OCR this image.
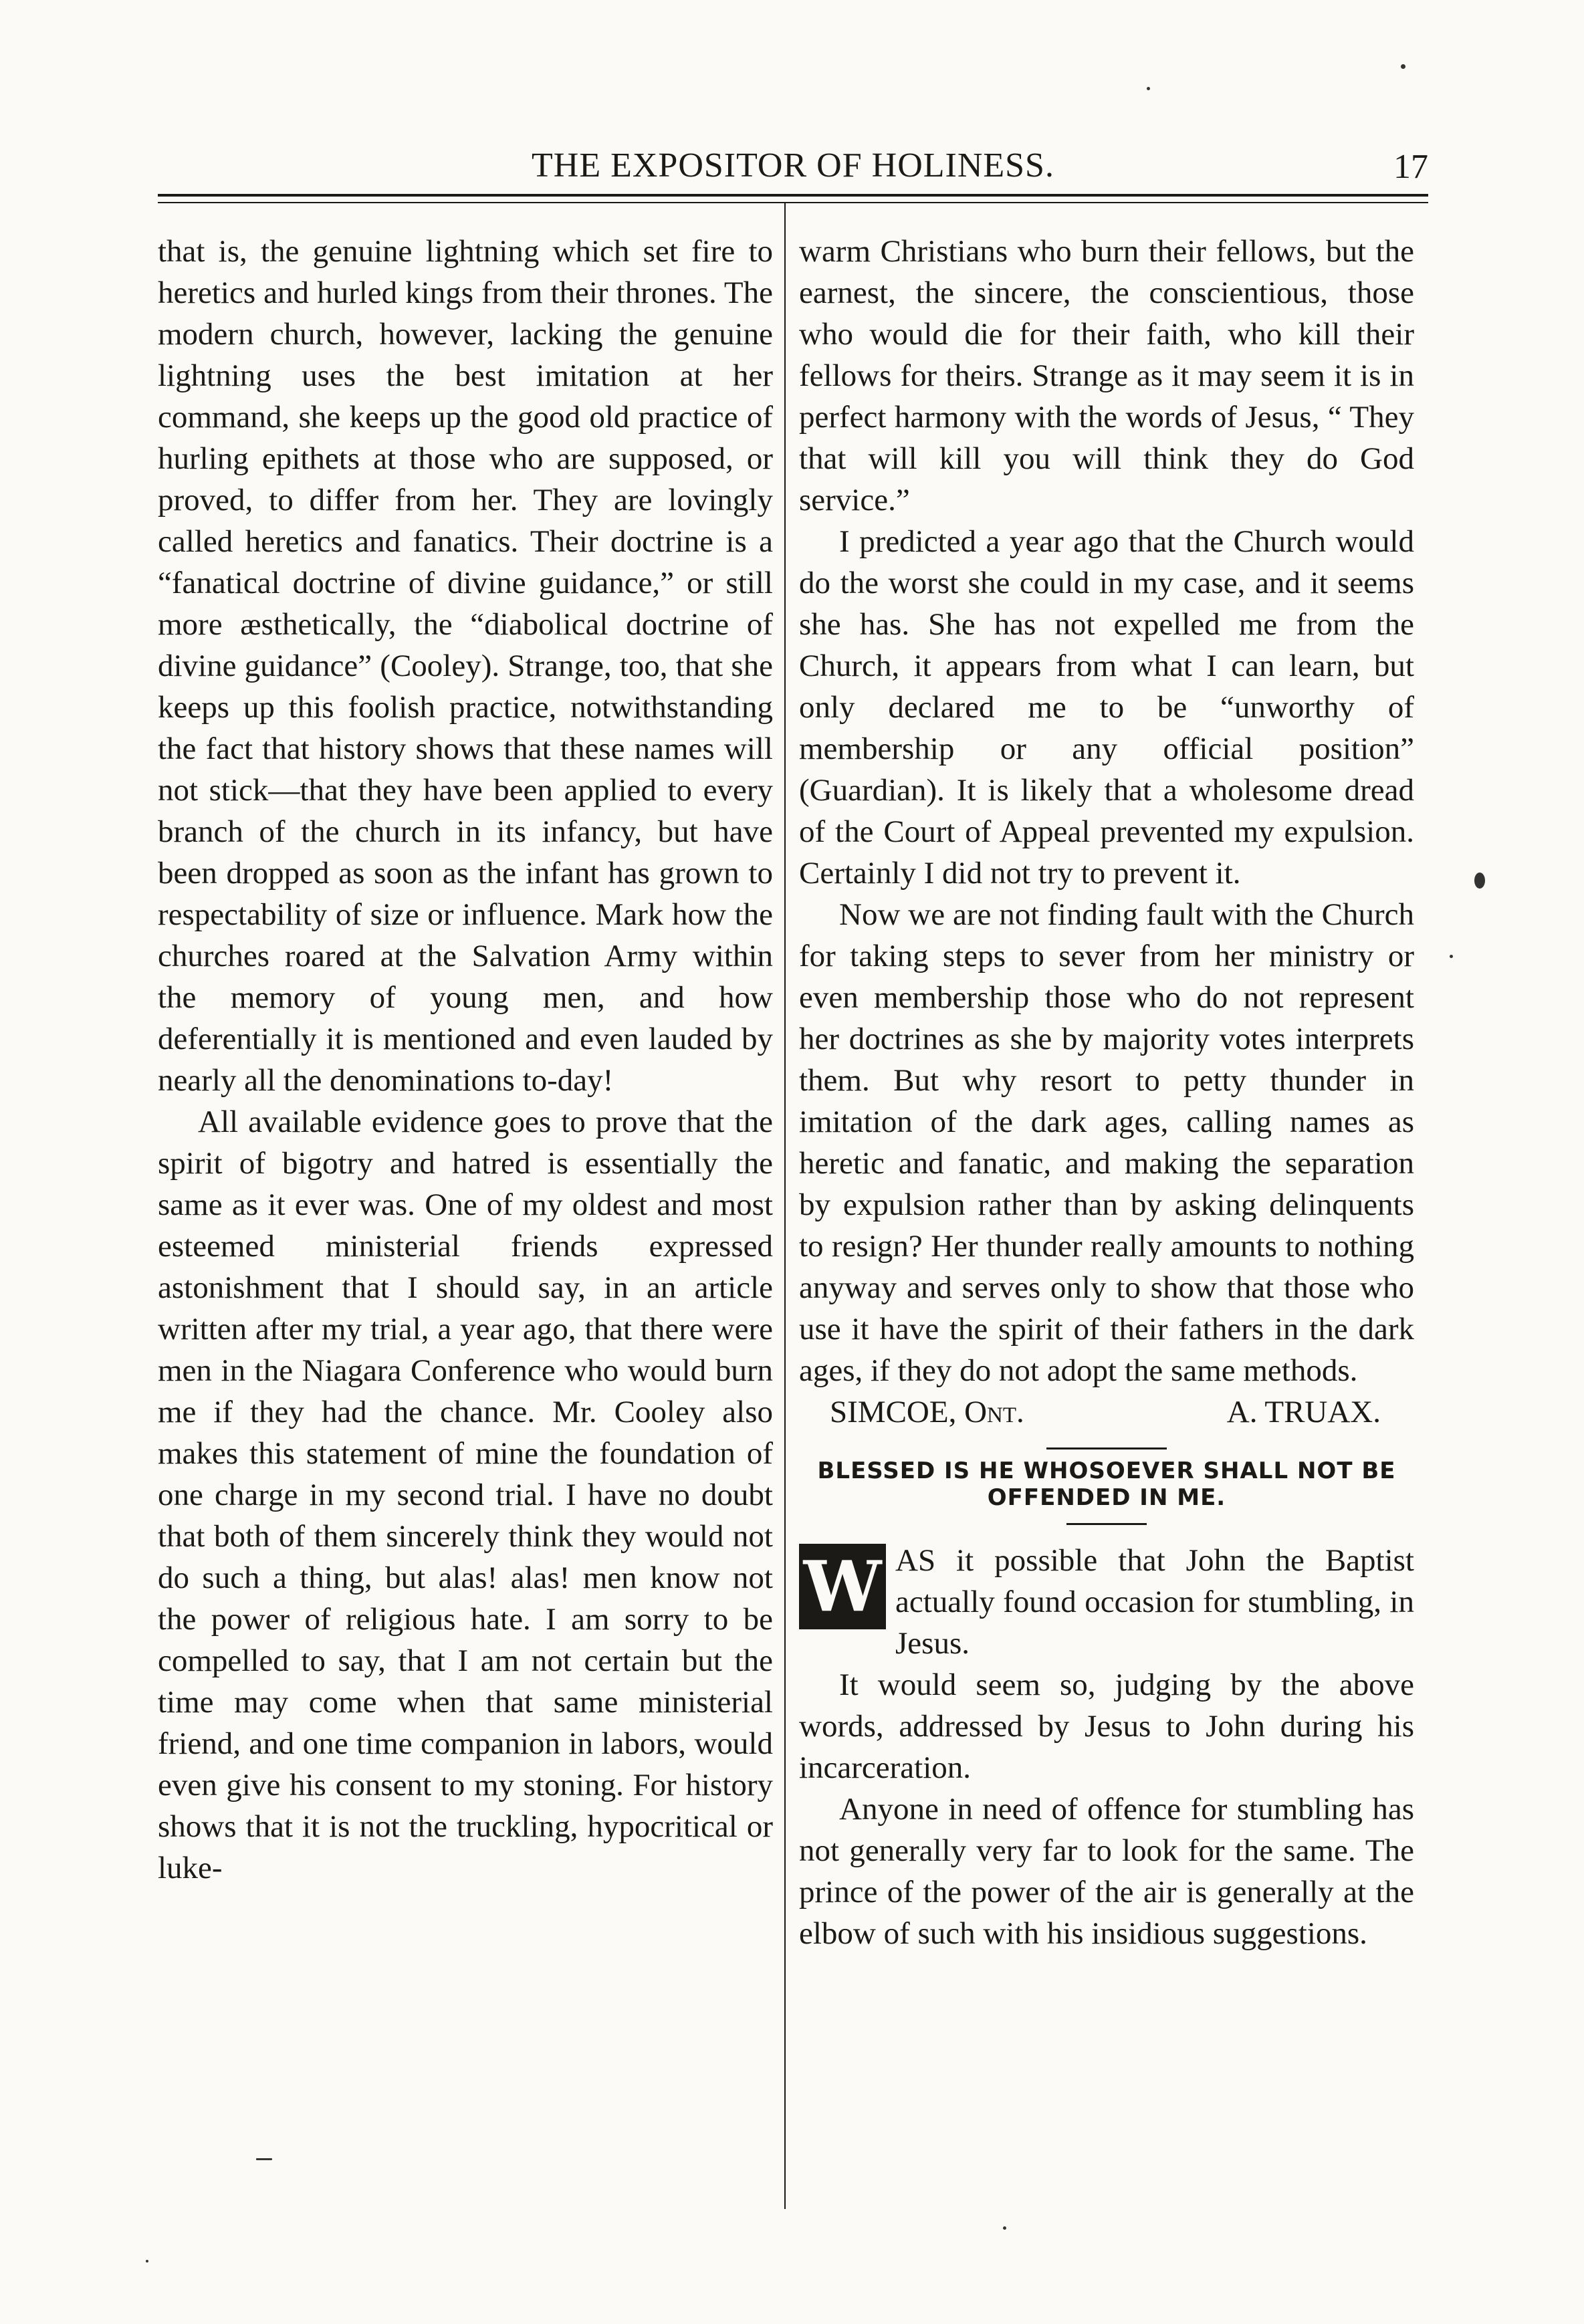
THE EXPOSITOR OF HOLINESS.	17

that is, the genuine lightning which set fire to heretics and hurled kings from their thrones. The modern church, however, lacking the genuine lightning uses the best imitation at her command, she keeps up the good old practice of hurling epithets at those who are supposed, or proved, to differ from her. They are lovingly called heretics and fanatics. Their doctrine is a “fanatical doctrine of divine guidance,” or still more æsthetically, the “diabolical doctrine of divine guidance” (Cooley). Strange, too, that she keeps up this foolish practice, notwithstanding the fact that history shows that these names will not stick—that they have been applied to every branch of the church in its infancy, but have been dropped as soon as the infant has grown to respectability of size or influence. Mark how the churches roared at the Salvation Army within the memory of young men, and how deferentially it is mentioned and even lauded by nearly all the denominations to-day!

All available evidence goes to prove that the spirit of bigotry and hatred is essentially the same as it ever was. One of my oldest and most esteemed ministerial friends expressed astonishment that I should say, in an article written after my trial, a year ago, that there were men in the Niagara Conference who would burn me if they had the chance. Mr. Cooley also makes this statement of mine the foundation of one charge in my second trial. I have no doubt that both of them sincerely think they would not do such a thing, but alas! alas! men know not the power of religious hate. I am sorry to be compelled to say, that I am not certain but the time may come when that same ministerial friend, and one time companion in labors, would even give his consent to my stoning. For history shows that it is not the truckling, hypocritical or luke-

warm Christians who burn their fellows, but the earnest, the sincere, the conscientious, those who would die for their faith, who kill their fellows for theirs. Strange as it may seem it is in perfect harmony with the words of Jesus, “ They that will kill you will think they do God service.”

I predicted a year ago that the Church would do the worst she could in my case, and it seems she has. She has not expelled me from the Church, it appears from what I can learn, but only declared me to be “unworthy of membership or any official position” (Guardian). It is likely that a wholesome dread of the Court of Appeal prevented my expulsion. Certainly I did not try to prevent it.

Now we are not finding fault with the Church for taking steps to sever from her ministry or even membership those who do not represent her doctrines as she by majority votes interprets them. But why resort to petty thunder in imitation of the dark ages, calling names as heretic and fanatic, and making the separation by expulsion rather than by asking delinquents to resign? Her thunder really amounts to nothing anyway and serves only to show that those who use it have the spirit of their fathers in the dark ages, if they do not adopt the same methods.

SIMCOE, Ont.	A. TRUAX.
BLESSED IS HE WHOSOEVER SHALL NOT BE OFFENDED IN ME.

W AS it possible that John the Baptist actually found occasion for stumbling, in Jesus.

It would seem so, judging by the above words, addressed by Jesus to John during his incarceration.

Anyone in need of offence for stumbling has not generally very far to look for the same. The prince of the power of the air is generally at the elbow of such with his insidious suggestions.
